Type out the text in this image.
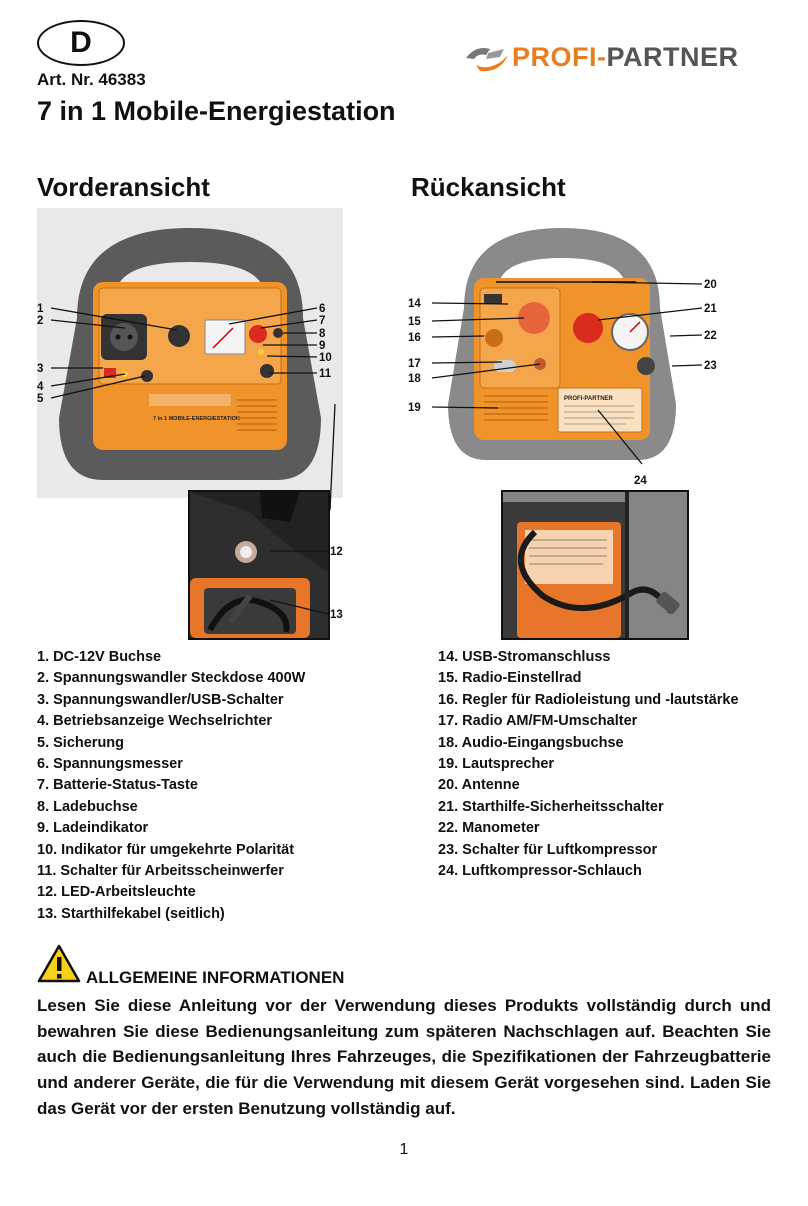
D	PROFI-PARTNER
Art. Nr. 46383
7 in 1 Mobile-Energiestation
Vorderansicht	Rückansicht
7 in 1 MOBILE-ENERGIESTATION
1
2
3
4
5
6
7
8
9
10
11
12
13
PROFI-PARTNER
14
15
16
17
18
19
20
21
22
23
24
1. DC-12V Buchse
2. Spannungswandler Steckdose 400W
3. Spannungswandler/USB-Schalter
4. Betriebsanzeige Wechselrichter
5. Sicherung
6. Spannungsmesser
7. Batterie-Status-Taste
8. Ladebuchse
9. Ladeindikator
10. Indikator für umgekehrte Polarität
11. Schalter für Arbeitsscheinwerfer
12. LED-Arbeitsleuchte
13. Starthilfekabel (seitlich)
14. USB-Stromanschluss
15. Radio-Einstellrad
16. Regler für Radioleistung und -lautstärke
17. Radio AM/FM-Umschalter
18. Audio-Eingangsbuchse
19. Lautsprecher
20. Antenne
21. Starthilfe-Sicherheitsschalter
22. Manometer
23. Schalter für Luftkompressor
24. Luftkompressor-Schlauch
ALLGEMEINE INFORMATIONEN
Lesen Sie diese Anleitung vor der Verwendung dieses Produkts vollständig durch und bewahren Sie diese Bedienungsanleitung zum späteren Nachschlagen auf. Beachten Sie auch die Bedienungsanleitung Ihres Fahrzeuges, die Spezifikationen der Fahrzeugbatterie und anderer Geräte, die für die Verwendung mit diesem Gerät vorgesehen sind. Laden Sie das Gerät vor der ersten Benutzung vollständig auf.
1
